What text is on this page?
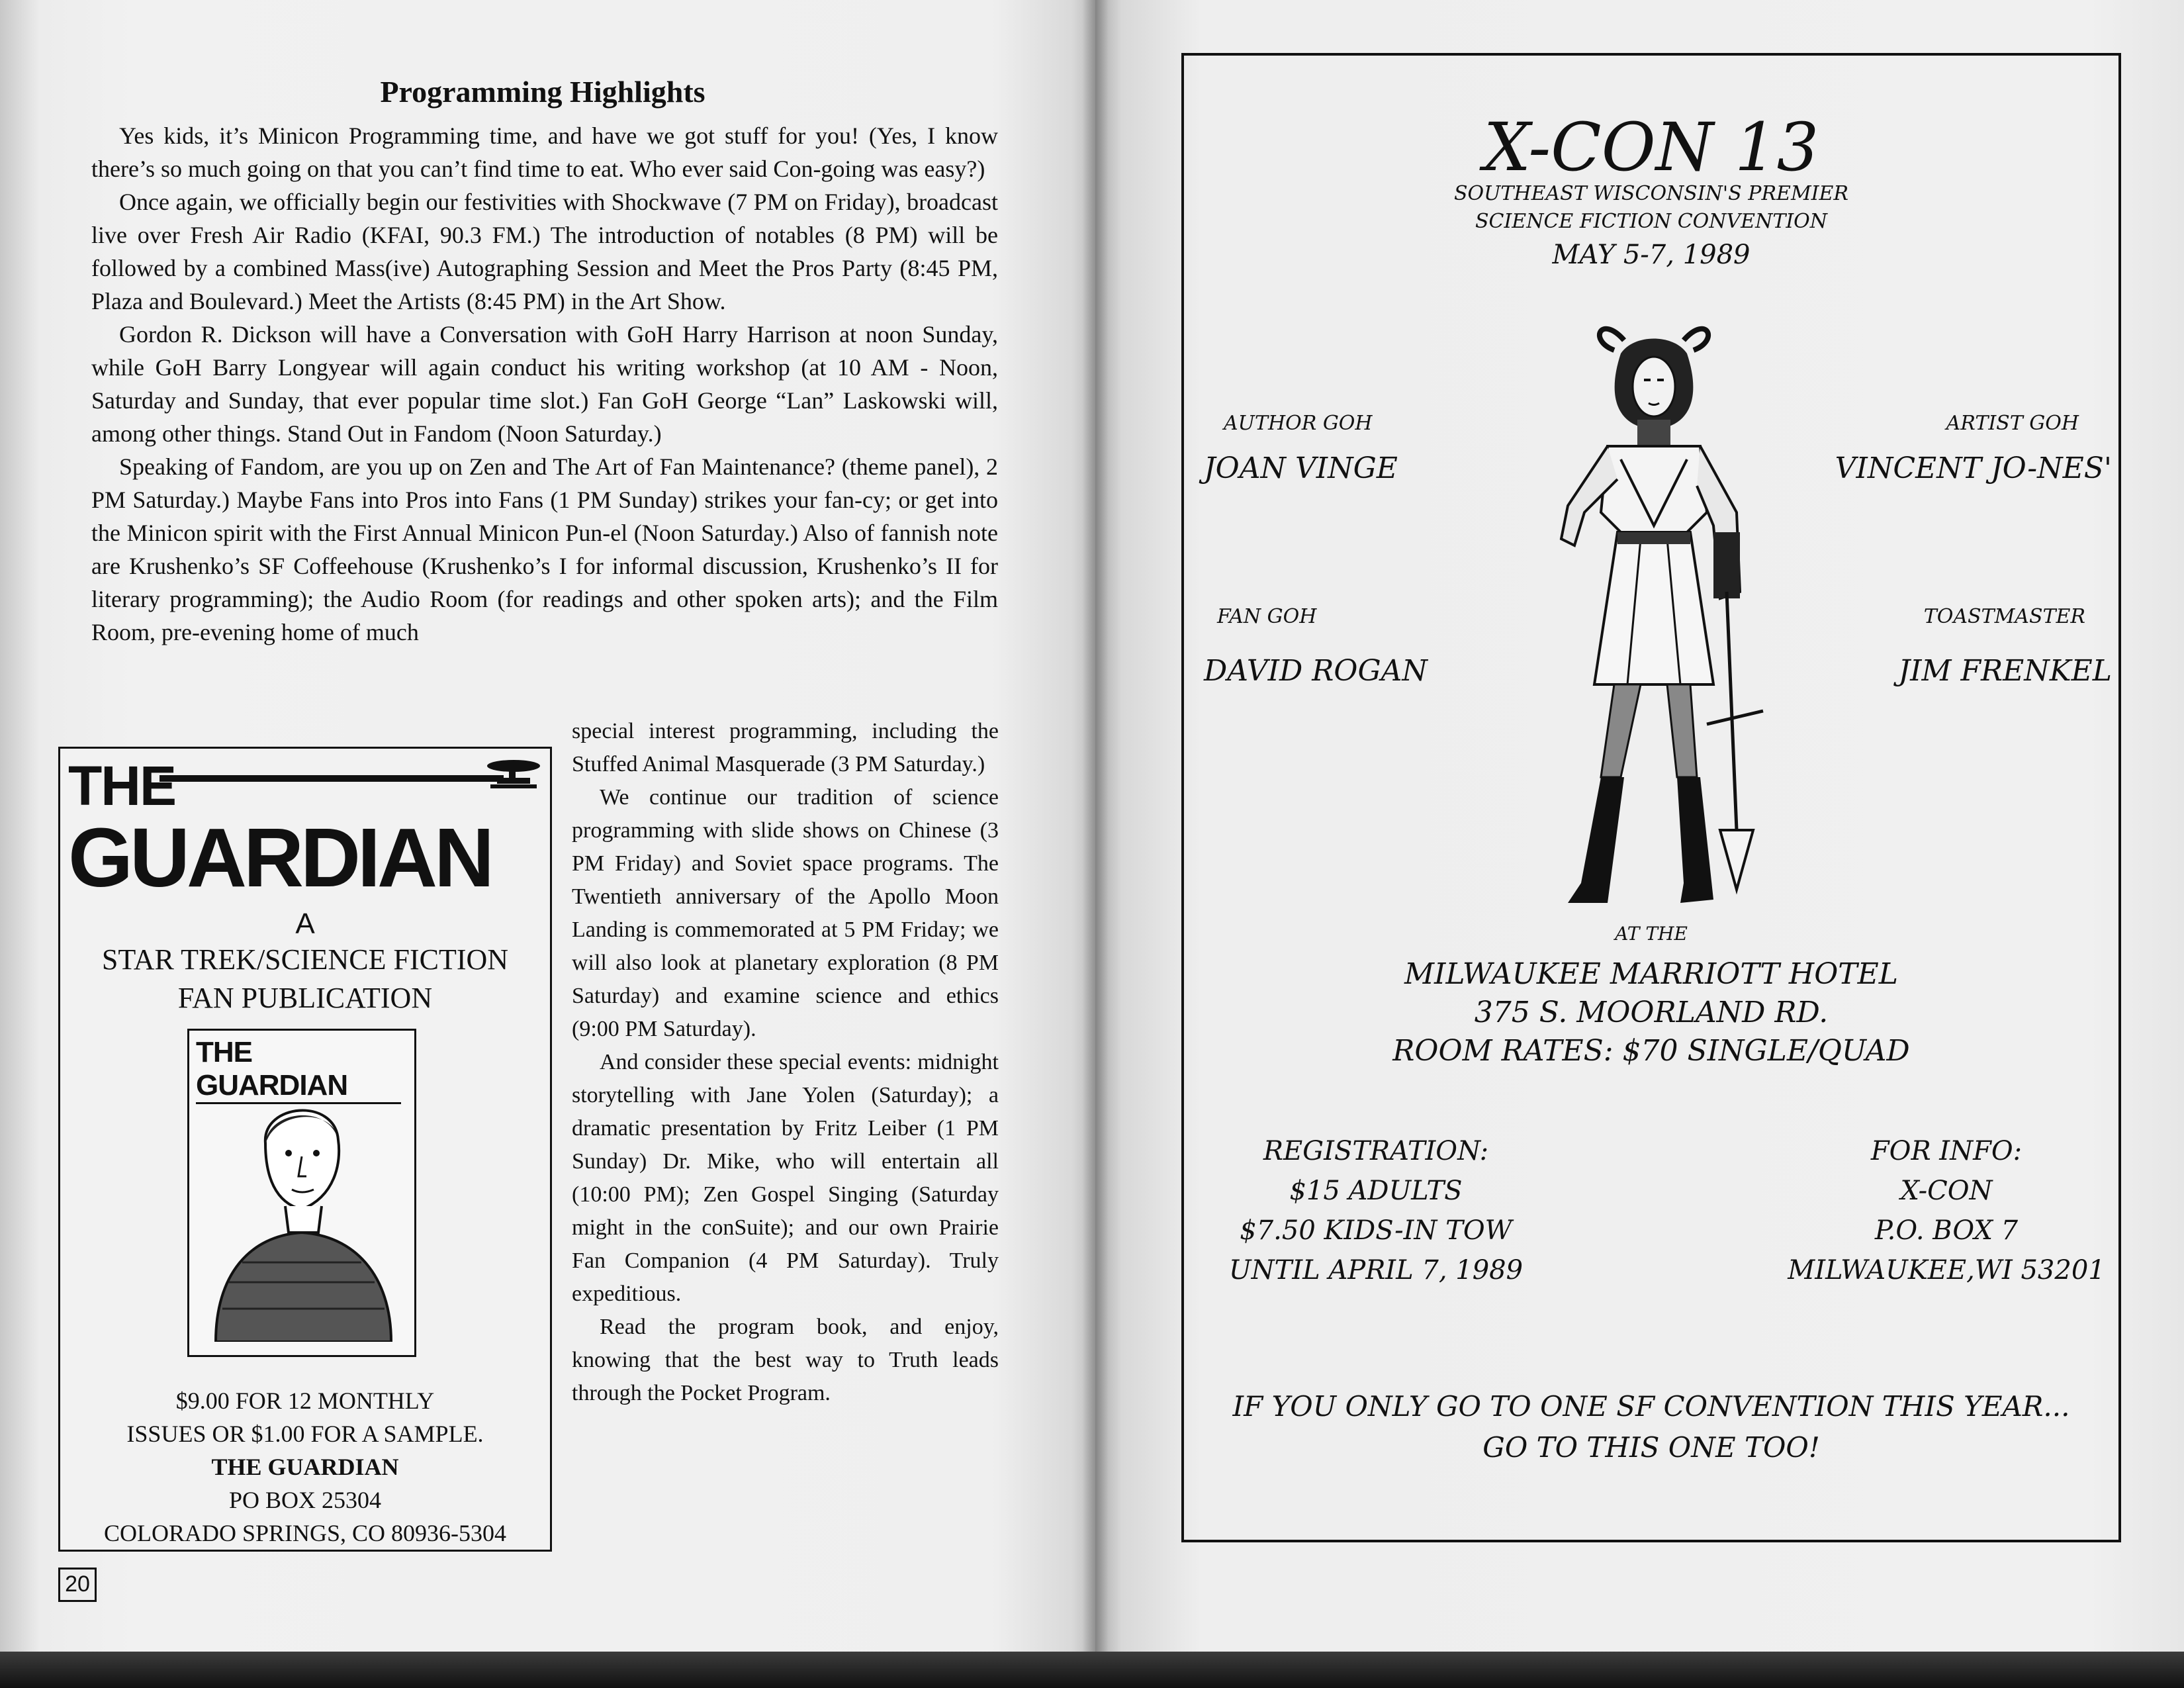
Programming Highlights

Yes kids, it’s Minicon Programming time, and have we got stuff for you! (Yes, I know there’s so much going on that you can’t find time to eat. Who ever said Con-going was easy?)

Once again, we officially begin our festivities with Shockwave (7 PM on Friday), broadcast live over Fresh Air Radio (KFAI, 90.3 FM.) The introduction of notables (8 PM) will be followed by a combined Mass(ive) Autographing Session and Meet the Pros Party (8:45 PM, Plaza and Boulevard.) Meet the Artists (8:45 PM) in the Art Show.

Gordon R. Dickson will have a Conversation with GoH Harry Harrison at noon Sunday, while GoH Barry Longyear will again conduct his writing workshop (at 10 AM - Noon, Saturday and Sunday, that ever popular time slot.) Fan GoH George “Lan” Laskowski will, among other things. Stand Out in Fandom (Noon Saturday.)

Speaking of Fandom, are you up on Zen and The Art of Fan Maintenance? (theme panel), 2 PM Saturday.) Maybe Fans into Pros into Fans (1 PM Sunday) strikes your fan-cy; or get into the Minicon spirit with the First Annual Minicon Pun-el (Noon Saturday.) Also of fannish note are Krushenko’s SF Coffeehouse (Krushenko’s I for informal discussion, Krushenko’s II for literary programming); the Audio Room (for readings and other spoken arts); and the Film Room, pre-evening home of much

special interest programming, including the Stuffed Animal Masquerade (3 PM Saturday.)

We continue our tradition of science programming with slide shows on Chinese (3 PM Friday) and Soviet space programs. The Twentieth anniversary of the Apollo Moon Landing is commemorated at 5 PM Friday; we will also look at planetary exploration (8 PM Saturday) and examine science and ethics (9:00 PM Saturday).

And consider these special events: midnight storytelling with Jane Yolen (Saturday); a dramatic presentation by Fritz Leiber (1 PM Sunday) Dr. Mike, who will entertain all (10:00 PM); Zen Gospel Singing (Saturday might in the conSuite); and our own Prairie Fan Companion (4 PM Saturday). Truly expeditious.

Read the program book, and enjoy, knowing that the best way to Truth leads through the Pocket Program.

THE
GUARDIAN
A
STAR TREK/SCIENCE FICTION
FAN PUBLICATION
THE GUARDIAN
$9.00 FOR 12 MONTHLY
ISSUES OR $1.00 FOR A SAMPLE.
THE GUARDIAN
PO BOX 25304
COLORADO SPRINGS, CO 80936-5304
20
X-CON 13
SOUTHEAST WISCONSIN'S PREMIER
SCIENCE FICTION CONVENTION
MAY 5-7, 1989
AUTHOR GOH
JOAN VINGE
ARTIST GOH
VINCENT JO-NES'
FAN GOH
DAVID ROGAN
TOASTMASTER
JIM FRENKEL
AT THE
MILWAUKEE MARRIOTT HOTEL
375 S. MOORLAND RD.
ROOM RATES: $70 SINGLE/QUAD
REGISTRATION:
$15 ADULTS
$7.50 KIDS-IN TOW
UNTIL APRIL 7, 1989
FOR INFO:
X-CON
P.O. BOX 7
MILWAUKEE,WI 53201
IF YOU ONLY GO TO ONE SF CONVENTION THIS YEAR...
GO TO THIS ONE TOO!
